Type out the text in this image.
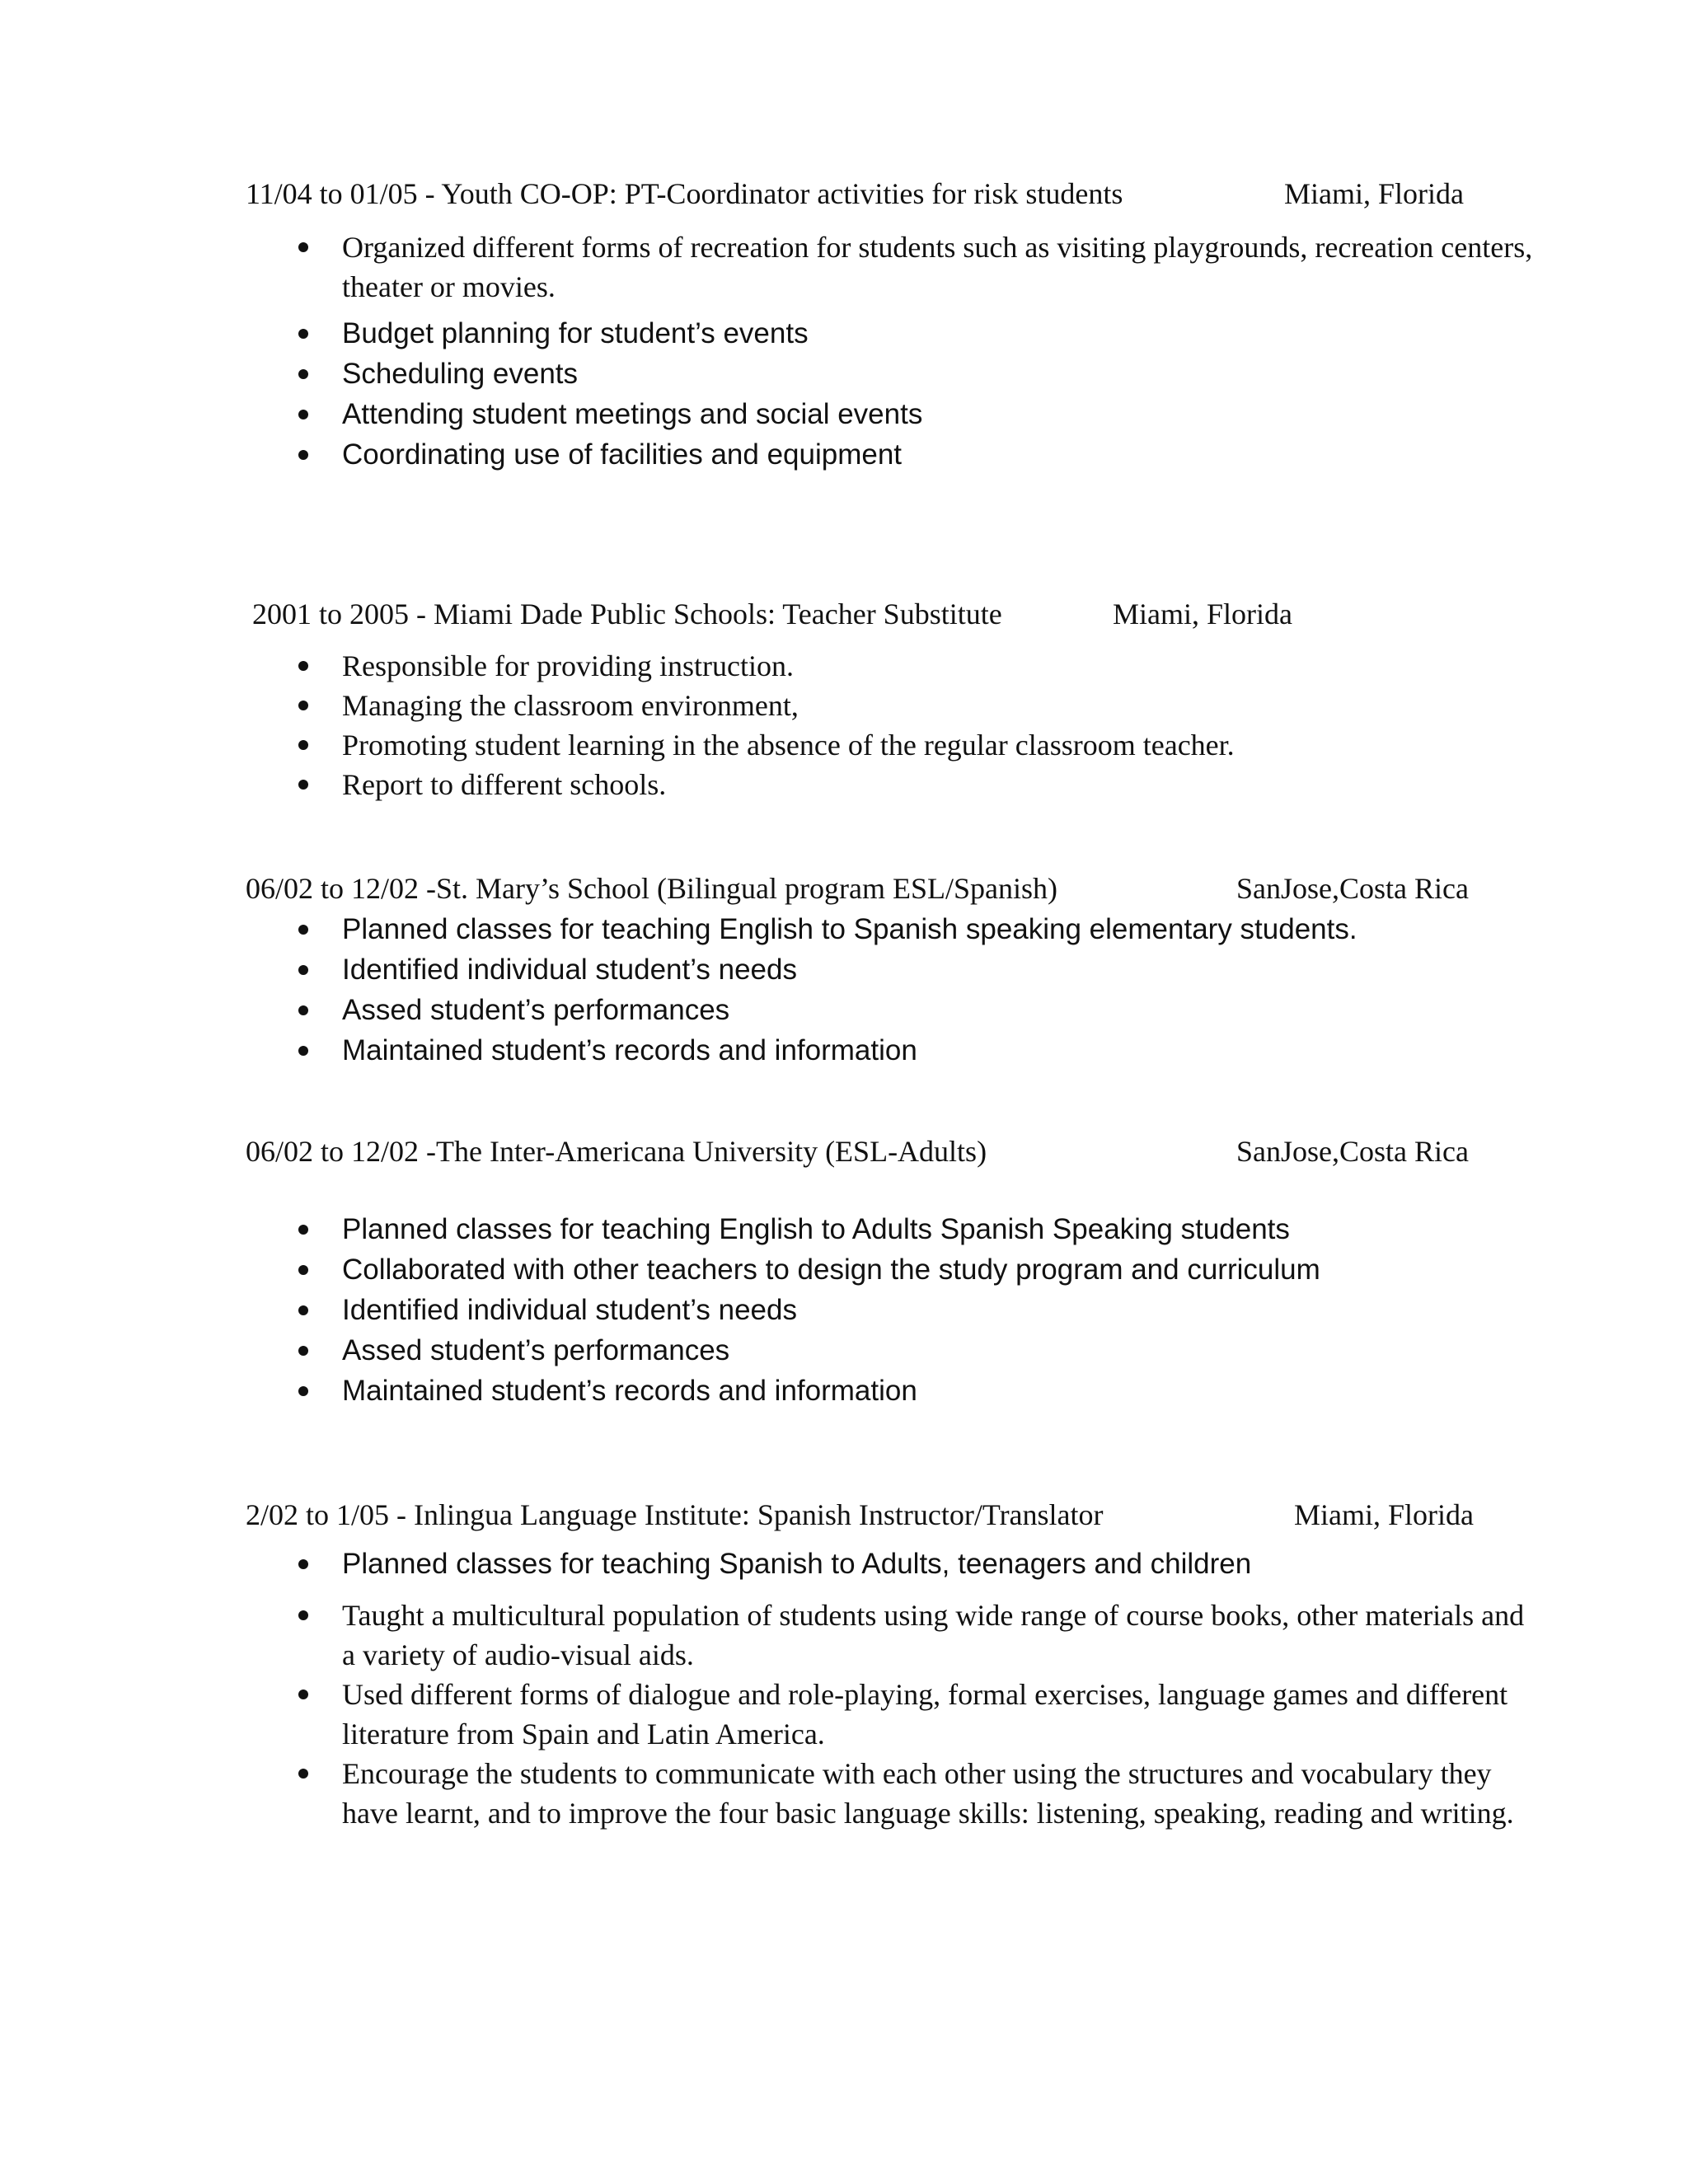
11/04 to 01/05 - Youth CO-OP: PT-Coordinator activities for risk students	Miami, Florida
Organized different forms of recreation for students such as visiting playgrounds, recreation centers, theater or movies.
Budget planning for student’s events
Scheduling events
Attending student meetings and social events
Coordinating use of facilities and equipment
2001 to 2005 - Miami Dade Public Schools: Teacher Substitute	Miami, Florida
Responsible for providing instruction.
Managing the classroom environment,
Promoting student learning in the absence of the regular classroom teacher.
Report to different schools.
06/02 to 12/02 -St. Mary’s School (Bilingual program ESL/Spanish)	SanJose,Costa Rica
Planned classes for teaching English to Spanish speaking elementary students.
Identified individual student’s needs
Assed student’s performances
Maintained student’s records and information
06/02 to 12/02 -The Inter-Americana University (ESL-Adults)	SanJose,Costa Rica
Planned classes for teaching English to Adults Spanish Speaking students
Collaborated with other teachers to design the study program and curriculum
Identified individual student’s needs
Assed student’s performances
Maintained student’s records and information
2/02 to 1/05 - Inlingua Language Institute: Spanish Instructor/Translator	Miami, Florida
Planned classes for teaching Spanish to Adults, teenagers and children
Taught a multicultural population of students using wide range of course books, other materials and a variety of audio-visual aids.
Used different forms of dialogue and role-playing, formal exercises, language games and different literature from Spain and Latin America.
Encourage the students to communicate with each other using the structures and vocabulary they have learnt, and to improve the four basic language skills: listening, speaking, reading and writing.
